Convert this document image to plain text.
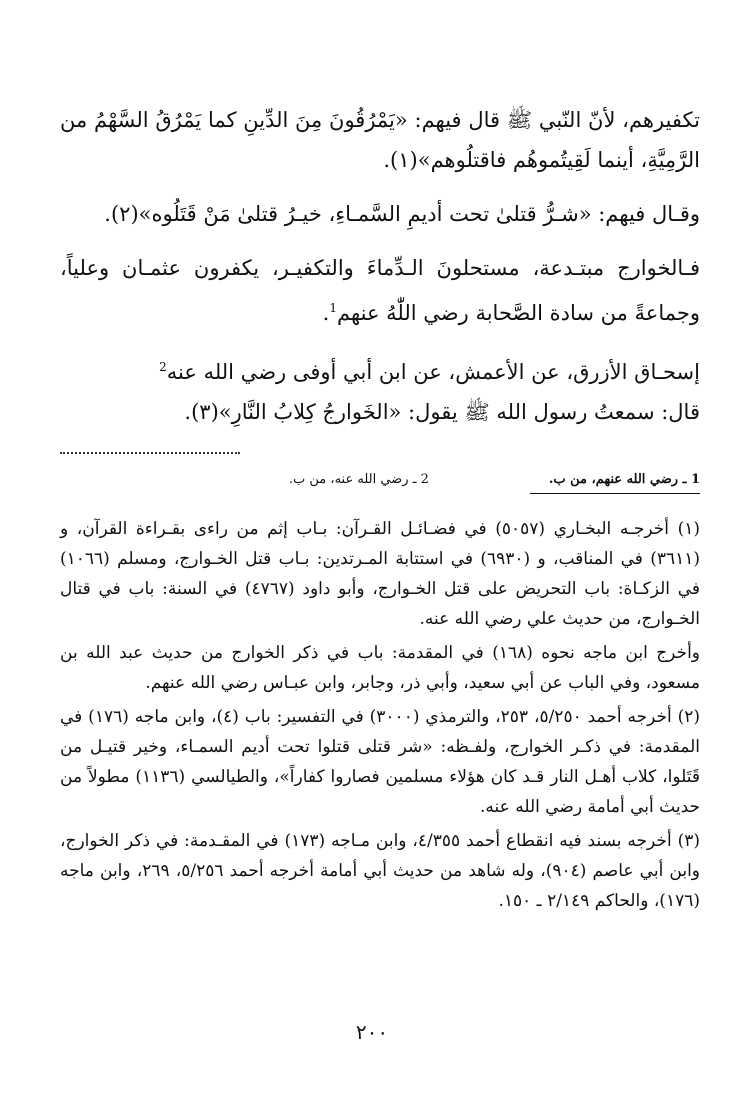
تكفيرهم، لأنّ النّبي ﷺ قال فيهم: «يَمْرُقُونَ مِنَ الدِّينِ كما يَمْرُقُ السَّهْمُ من الرَّمِيَّةِ، أينما لَقِيتُموهُم فاقتلُوهم»(١).

وقـال فيهم: «شـرُّ قتلىٰ تحت أديمِ السَّمـاءِ، خيـرُ قتلىٰ مَنْ قَتَلُوه»(٢).

فـالخوارج مبتـدعة، مستحلونَ الـدِّماءَ والتكفيـر، يكفرون عثمـان وعلياً، وجماعةً من سادة الصَّحابة رضي اللّٰهُ عنهم$^1$.

إسحـاق الأزرق، عن الأعمش، عن ابن أبي أوفى رضي الله عنه$^2$

قال: سمعتُ رسول الله ﷺ يقول: «الخَوارجُ كِلابُ النَّارِ»(٣).

1 ـ رضي الله عنهم، من ب.
2 ـ رضي الله عنه، من ب.

(١) أخرجـه البخـاري (٥٠٥٧) في فضـائـل القـرآن: بـاب إثم من راءى بقـراءة القرآن، و (٣٦١١) في المناقب، و (٦٩٣٠) في استتابة المـرتدين: بـاب قتل الخـوارج، ومسلم (١٠٦٦) في الزكـاة: باب التحريض على قتل الخـوارج، وأبو داود (٤٧٦٧) في السنة: باب في قتال الخـوارج، من حديث علي رضي الله عنه.

وأخرج ابن ماجه نحوه (١٦٨) في المقدمة: باب في ذكر الخوارج من حديث عبد الله بن مسعود، وفي الباب عن أبي سعيد، وأبي ذر، وجابر، وابن عبـاس رضي الله عنهم.

(٢) أخرجه أحمد ٥/٢٥٠، ٢٥٣، والترمذي (٣٠٠٠) في التفسير: باب (٤)، وابن ماجه (١٧٦) في المقدمة: في ذكـر الخوارج، ولفـظه: «شر قتلى قتلوا تحت أديم السمـاء، وخير قتيـل من قَتَلوا، كلاب أهـل النار قـد كان هؤلاء مسلمين فصاروا كفاراً»، والطيالسي (١١٣٦) مطولاً من حديث أبي أمامة رضي الله عنه.

(٣) أخرجه بسند فيه انقطاع أحمد ٤/٣٥٥، وابن مـاجه (١٧٣) في المقـدمة: في ذكر الخوارج، وابن أبي عاصم (٩٠٤)، وله شاهد من حديث أبي أمامة أخرجه أحمد ٥/٢٥٦، ٢٦٩، وابن ماجه (١٧٦)، والحاكم ٢/١٤٩ ـ ١٥٠.

٢٠٠
